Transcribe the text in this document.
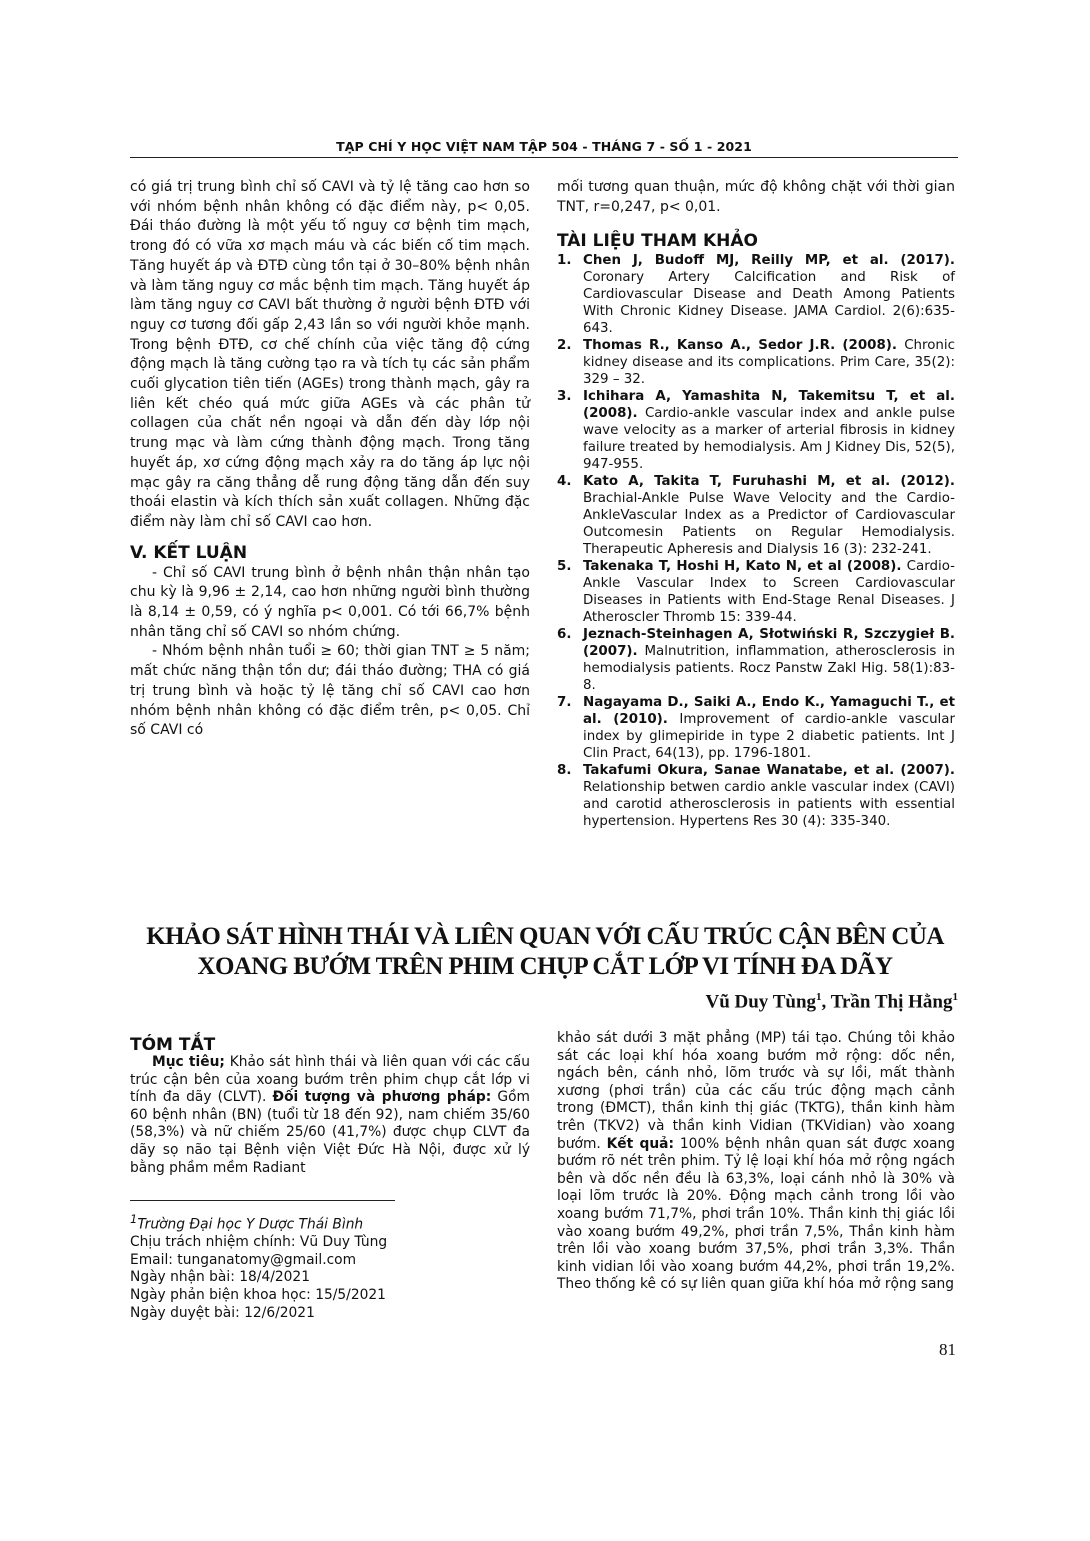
TẠP CHÍ Y HỌC VIỆT NAM TẬP 504 - THÁNG 7 - SỐ 1 - 2021

có giá trị trung bình chỉ số CAVI và tỷ lệ tăng cao hơn so với nhóm bệnh nhân không có đặc điểm này, p< 0,05. Đái tháo đường là một yếu tố nguy cơ bệnh tim mạch, trong đó có vữa xơ mạch máu và các biến cố tim mạch. Tăng huyết áp và ĐTĐ cùng tồn tại ở 30–80% bệnh nhân và làm tăng nguy cơ mắc bệnh tim mạch. Tăng huyết áp làm tăng nguy cơ CAVI bất thường ở người bệnh ĐTĐ với nguy cơ tương đối gấp 2,43 lần so với người khỏe mạnh. Trong bệnh ĐTĐ, cơ chế chính của việc tăng độ cứng động mạch là tăng cường tạo ra và tích tụ các sản phẩm cuối glycation tiên tiến (AGEs) trong thành mạch, gây ra liên kết chéo quá mức giữa AGEs và các phân tử collagen của chất nền ngoại và dẫn đến dày lớp nội trung mạc và làm cứng thành động mạch. Trong tăng huyết áp, xơ cứng động mạch xảy ra do tăng áp lực nội mạc gây ra căng thẳng dễ rung động tăng dẫn đến suy thoái elastin và kích thích sản xuất collagen. Những đặc điểm này làm chỉ số CAVI cao hơn.

V. KẾT LUẬN

- Chỉ số CAVI trung bình ở bệnh nhân thận nhân tạo chu kỳ là 9,96 ± 2,14, cao hơn những người bình thường là 8,14 ± 0,59, có ý nghĩa p< 0,001. Có tới 66,7% bệnh nhân tăng chỉ số CAVI so nhóm chứng.

- Nhóm bệnh nhân tuổi ≥ 60; thời gian TNT ≥ 5 năm; mất chức năng thận tồn dư; đái tháo đường; THA có giá trị trung bình và hoặc tỷ lệ tăng chỉ số CAVI cao hơn nhóm bệnh nhân không có đặc điểm trên, p< 0,05. Chỉ số CAVI có

mối tương quan thuận, mức độ không chặt với thời gian TNT, r=0,247, p< 0,01.

TÀI LIỆU THAM KHẢO
1. Chen J, Budoff MJ, Reilly MP, et al. (2017). Coronary Artery Calcification and Risk of Cardiovascular Disease and Death Among Patients With Chronic Kidney Disease. JAMA Cardiol. 2(6):635-643.
2. Thomas R., Kanso A., Sedor J.R. (2008). Chronic kidney disease and its complications. Prim Care, 35(2): 329 – 32.
3. Ichihara A, Yamashita N, Takemitsu T, et al. (2008). Cardio-ankle vascular index and ankle pulse wave velocity as a marker of arterial fibrosis in kidney failure treated by hemodialysis. Am J Kidney Dis, 52(5), 947-955.
4. Kato A, Takita T, Furuhashi M, et al. (2012). Brachial-Ankle Pulse Wave Velocity and the Cardio-AnkleVascular Index as a Predictor of Cardiovascular Outcomesin Patients on Regular Hemodialysis. Therapeutic Apheresis and Dialysis 16 (3): 232-241.
5. Takenaka T, Hoshi H, Kato N, et al (2008). Cardio-Ankle Vascular Index to Screen Cardiovascular Diseases in Patients with End-Stage Renal Diseases. J Atheroscler Thromb 15: 339-44.
6. Jeznach-Steinhagen A, Słotwiński R, Szczygieł B. (2007). Malnutrition, inflammation, atherosclerosis in hemodialysis patients. Rocz Panstw Zakl Hig. 58(1):83-8.
7. Nagayama D., Saiki A., Endo K., Yamaguchi T., et al. (2010). Improvement of cardio-ankle vascular index by glimepiride in type 2 diabetic patients. Int J Clin Pract, 64(13), pp. 1796-1801.
8. Takafumi Okura, Sanae Wanatabe, et al. (2007). Relationship betwen cardio ankle vascular index (CAVI) and carotid atherosclerosis in patients with essential hypertension. Hypertens Res 30 (4): 335-340.
KHẢO SÁT HÌNH THÁI VÀ LIÊN QUAN VỚI CẤU TRÚC CẬN BÊN CỦA XOANG BƯỚM TRÊN PHIM CHỤP CẮT LỚP VI TÍNH ĐA DÃY
Vũ Duy Tùng$^1$, Trần Thị Hằng$^1$
TÓM TẮT
Mục tiêu; Khảo sát hình thái và liên quan với các cấu trúc cận bên của xoang bướm trên phim chụp cắt lớp vi tính đa dãy (CLVT). Đối tượng và phương pháp: Gồm 60 bệnh nhân (BN) (tuổi từ 18 đến 92), nam chiếm 35/60 (58,3%) và nữ chiếm 25/60 (41,7%) được chụp CLVT đa dãy sọ não tại Bệnh viện Việt Đức Hà Nội, được xử lý bằng phầm mềm Radiant
khảo sát dưới 3 mặt phẳng (MP) tái tạo. Chúng tôi khảo sát các loại khí hóa xoang bướm mở rộng: dốc nền, ngách bên, cánh nhỏ, lõm trước và sự lồi, mất thành xương (phơi trần) của các cấu trúc động mạch cảnh trong (ĐMCT), thần kinh thị giác (TKTG), thần kinh hàm trên (TKV2) và thần kinh Vidian (TKVidian) vào xoang bướm. Kết quả: 100% bệnh nhân quan sát được xoang bướm rõ nét trên phim. Tỷ lệ loại khí hóa mở rộng ngách bên và dốc nền đều là 63,3%, loại cánh nhỏ là 30% và loại lõm trước là 20%. Động mạch cảnh trong lồi vào xoang bướm 71,7%, phơi trần 10%. Thần kinh thị giác lồi vào xoang bướm 49,2%, phơi trần 7,5%, Thần kinh hàm trên lồi vào xoang bướm 37,5%, phơi trần 3,3%. Thần kinh vidian lồi vào xoang bướm 44,2%, phơi trần 19,2%. Theo thống kê có sự liên quan giữa khí hóa mở rộng sang

$^1$Trường Đại học Y Dược Thái Bình

Chịu trách nhiệm chính: Vũ Duy Tùng

Email: tunganatomy@gmail.com

Ngày nhận bài: 18/4/2021

Ngày phản biện khoa học: 15/5/2021

Ngày duyệt bài: 12/6/2021

81
